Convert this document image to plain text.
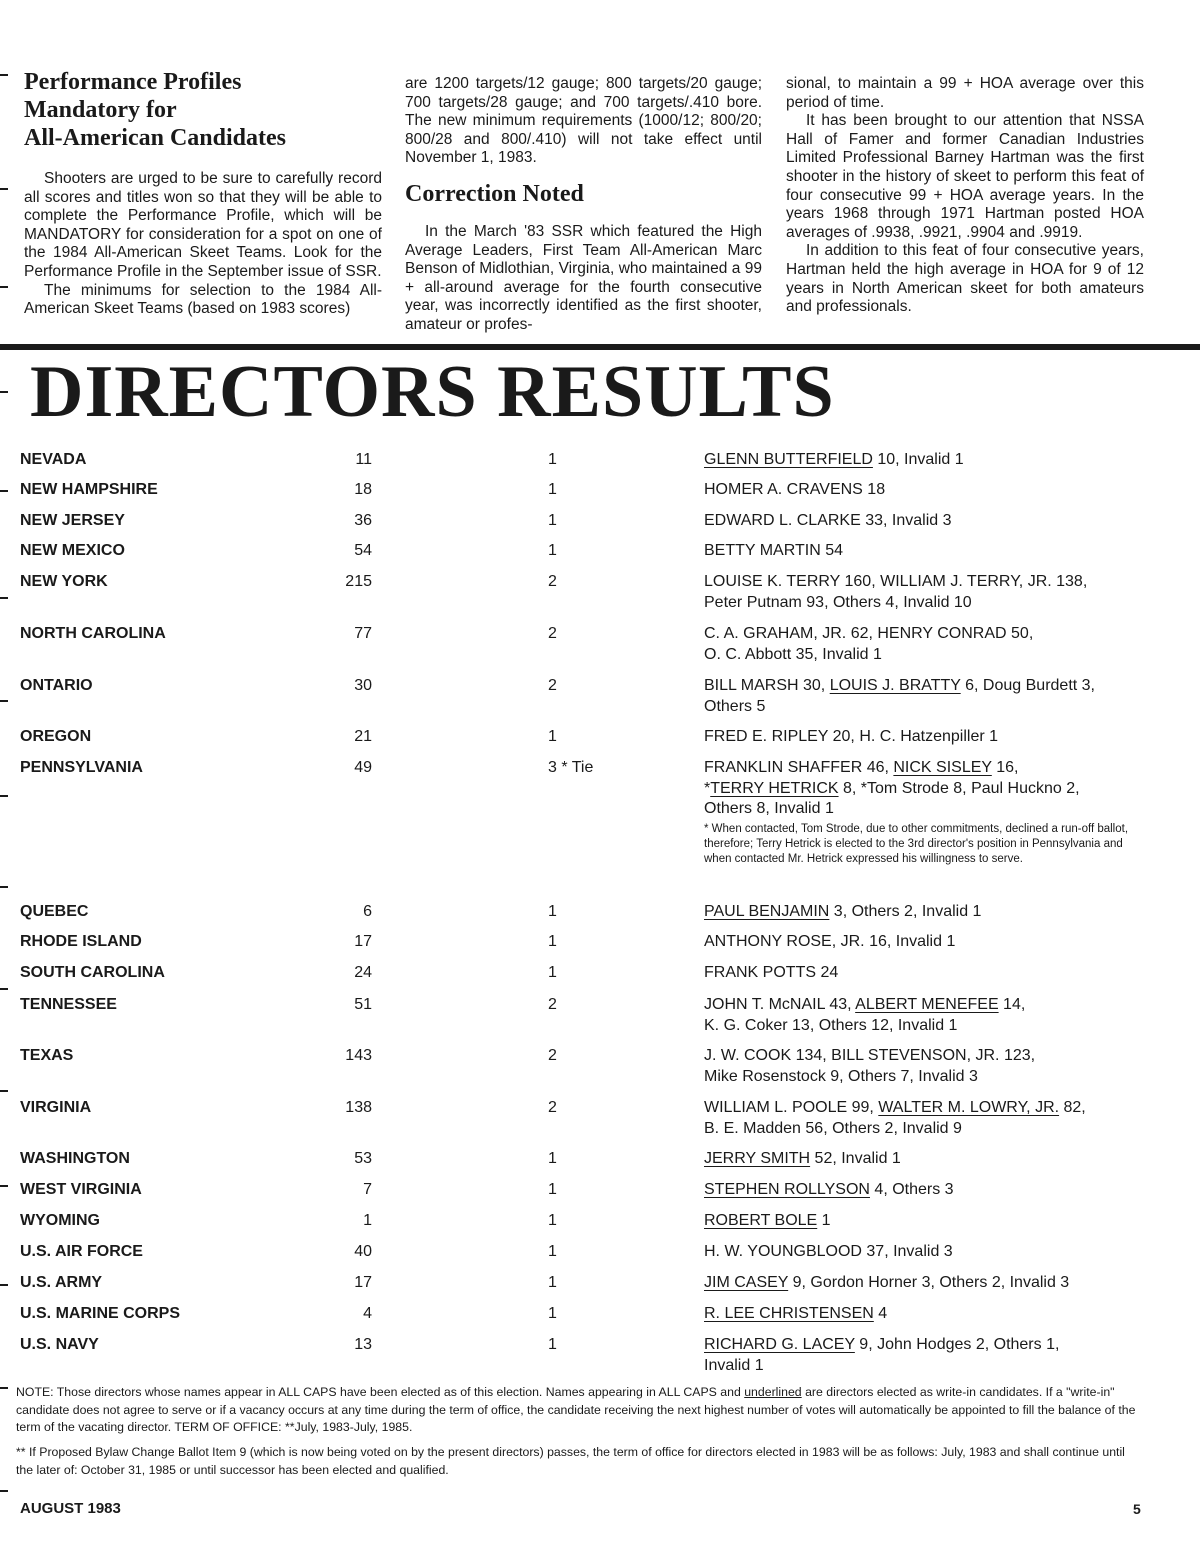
Performance Profiles
Mandatory for
All-American Candidates

Shooters are urged to be sure to carefully record all scores and titles won so that they will be able to complete the Performance Profile, which will be MANDATORY for consideration for a spot on one of the 1984 All-American Skeet Teams. Look for the Performance Profile in the September issue of SSR.

The minimums for selection to the 1984 All-American Skeet Teams (based on 1983 scores)

are 1200 targets/12 gauge; 800 targets/20 gauge; 700 targets/28 gauge; and 700 targets/.410 bore. The new minimum requirements (1000/12; 800/20; 800/28 and 800/.410) will not take effect until November 1, 1983.

Correction Noted

In the March '83 SSR which featured the High Average Leaders, First Team All-American Marc Benson of Midlothian, Virginia, who maintained a 99 + all-around average for the fourth consecutive year, was incorrectly identified as the first shooter, amateur or profes-

sional, to maintain a 99 + HOA average over this period of time.

It has been brought to our attention that NSSA Hall of Famer and former Canadian Industries Limited Professional Barney Hartman was the first shooter in the history of skeet to perform this feat of four consecutive 99 + HOA average years. In the years 1968 through 1971 Hartman posted HOA averages of .9938, .9921, .9904 and .9919.

In addition to this feat of four consecutive years, Hartman held the high average in HOA for 9 of 12 years in North American skeet for both amateurs and professionals.

DIRECTORS RESULTS
NEVADA	11	1	GLENN BUTTERFIELD 10, Invalid 1
NEW HAMPSHIRE	18	1	HOMER A. CRAVENS 18
NEW JERSEY	36	1	EDWARD L. CLARKE 33, Invalid 3
NEW MEXICO	54	1	BETTY MARTIN 54
NEW YORK	215	2	LOUISE K. TERRY 160, WILLIAM J. TERRY, JR. 138,
Peter Putnam 93, Others 4, Invalid 10
NORTH CAROLINA	77	2	C. A. GRAHAM, JR. 62, HENRY CONRAD 50,
O. C. Abbott 35, Invalid 1
ONTARIO	30	2	BILL MARSH 30, LOUIS J. BRATTY 6, Doug Burdett 3,
Others 5
OREGON	21	1	FRED E. RIPLEY 20, H. C. Hatzenpiller 1
PENNSYLVANIA	49	3 * Tie	FRANKLIN SHAFFER 46, NICK SISLEY 16,
*TERRY HETRICK 8, *Tom Strode 8, Paul Huckno 2,
Others 8, Invalid 1
QUEBEC	6	1	PAUL BENJAMIN 3, Others 2, Invalid 1
RHODE ISLAND	17	1	ANTHONY ROSE, JR. 16, Invalid 1
SOUTH CAROLINA	24	1	FRANK POTTS 24
TENNESSEE	51	2	JOHN T. McNAIL 43, ALBERT MENEFEE 14,
K. G. Coker 13, Others 12, Invalid 1
TEXAS	143	2	J. W. COOK 134, BILL STEVENSON, JR. 123,
Mike Rosenstock 9, Others 7, Invalid 3
VIRGINIA	138	2	WILLIAM L. POOLE 99, WALTER M. LOWRY, JR. 82,
B. E. Madden 56, Others 2, Invalid 9
WASHINGTON	53	1	JERRY SMITH 52, Invalid 1
WEST VIRGINIA	7	1	STEPHEN ROLLYSON 4, Others 3
WYOMING	1	1	ROBERT BOLE 1
U.S. AIR FORCE	40	1	H. W. YOUNGBLOOD 37, Invalid 3
U.S. ARMY	17	1	JIM CASEY 9, Gordon Horner 3, Others 2, Invalid 3
U.S. MARINE CORPS	4	1	R. LEE CHRISTENSEN 4
U.S. NAVY	13	1	RICHARD G. LACEY 9, John Hodges 2, Others 1,
Invalid 1
* When contacted, Tom Strode, due to other commitments, declined a run-off ballot, therefore; Terry Hetrick is elected to the 3rd director's position in Pennsylvania and when contacted Mr. Hetrick expressed his willingness to serve.
NOTE: Those directors whose names appear in ALL CAPS have been elected as of this election. Names appearing in ALL CAPS and underlined are directors elected as write-in candidates. If a "write-in" candidate does not agree to serve or if a vacancy occurs at any time during the term of office, the candidate receiving the next highest number of votes will automatically be appointed to fill the balance of the term of the vacating director. TERM OF OFFICE: **July, 1983-July, 1985.
** If Proposed Bylaw Change Ballot Item 9 (which is now being voted on by the present directors) passes, the term of office for directors elected in 1983 will be as follows: July, 1983 and shall continue until the later of: October 31, 1985 or until successor has been elected and qualified.
AUGUST 1983	5
